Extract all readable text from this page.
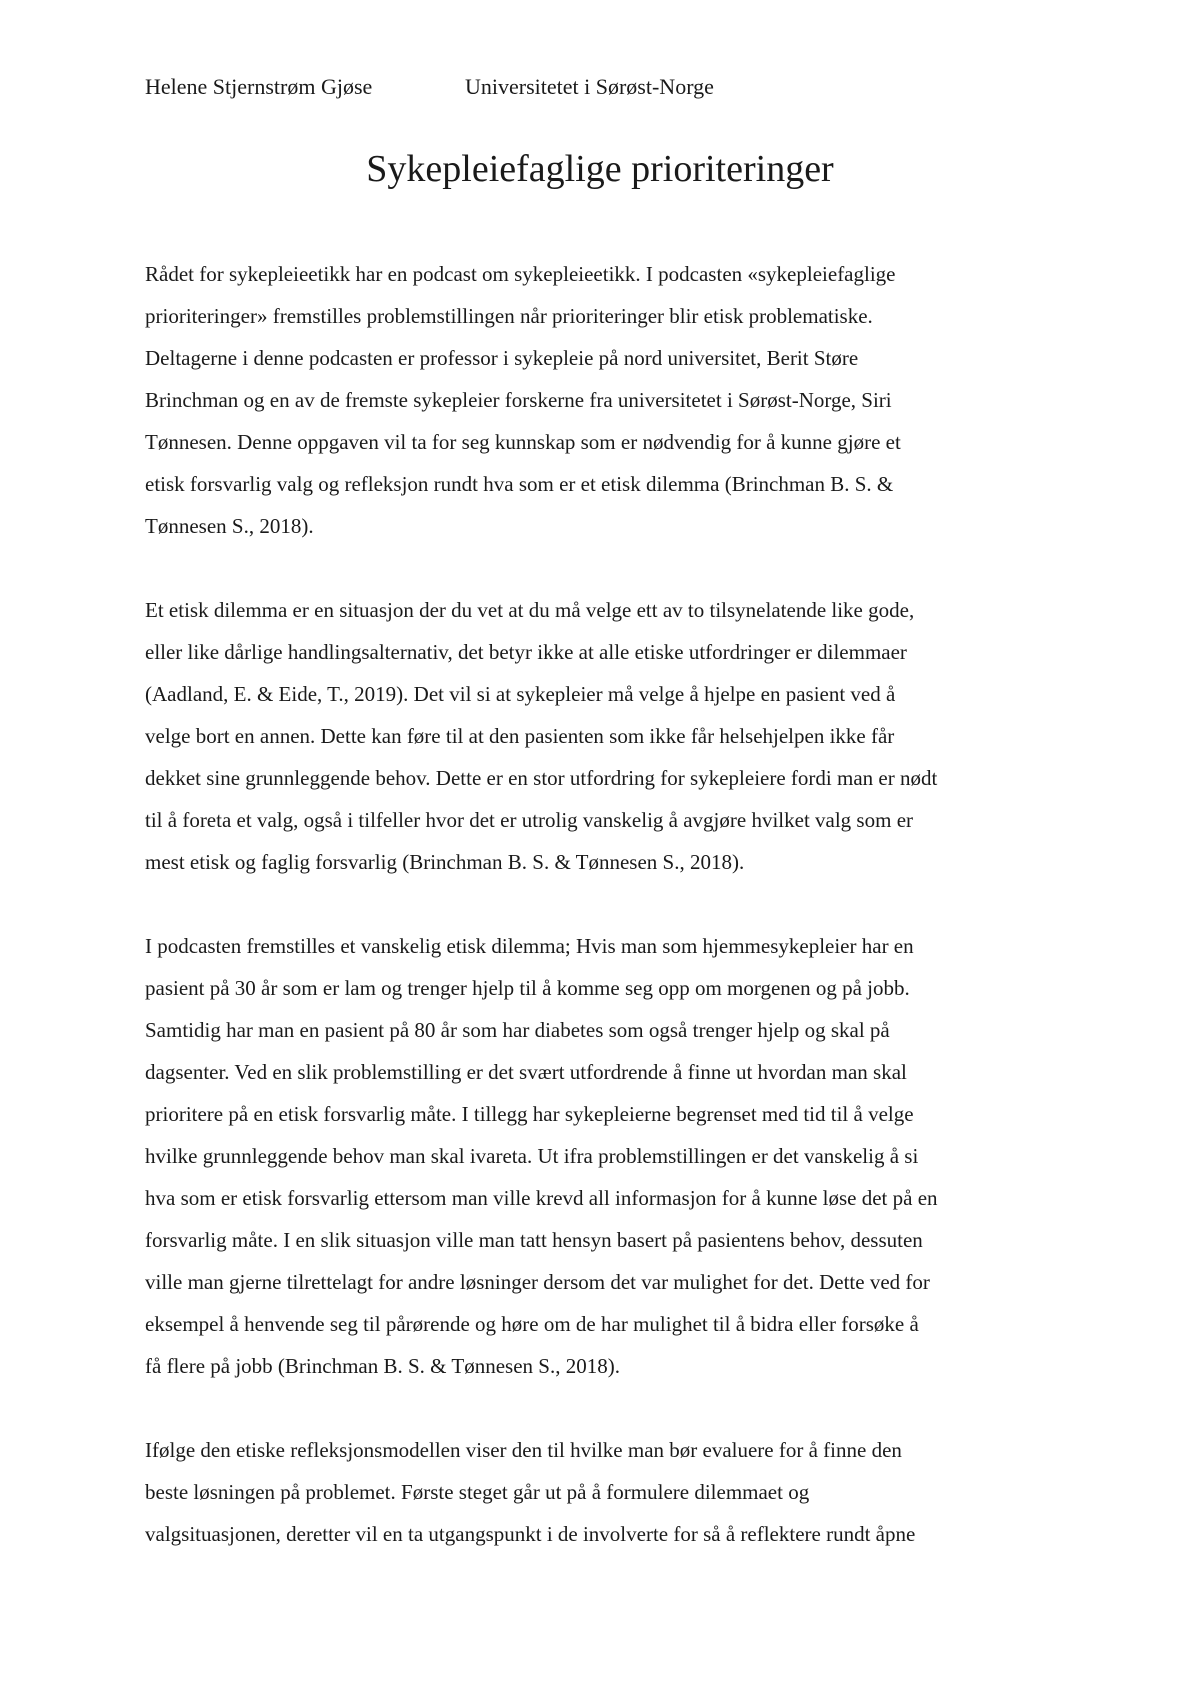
Helene Stjernstrøm Gjøse	Universitetet i Sørøst-Norge
Sykepleiefaglige prioriteringer
Rådet for sykepleieetikk har en podcast om sykepleieetikk. I podcasten «sykepleiefaglige
prioriteringer» fremstilles problemstillingen når prioriteringer blir etisk problematiske.
Deltagerne i denne podcasten er professor i sykepleie på nord universitet, Berit Støre
Brinchman og en av de fremste sykepleier forskerne fra universitetet i Sørøst-Norge, Siri
Tønnesen. Denne oppgaven vil ta for seg kunnskap som er nødvendig for å kunne gjøre et
etisk forsvarlig valg og refleksjon rundt hva som er et etisk dilemma (Brinchman B. S. &
Tønnesen S., 2018).
Et etisk dilemma er en situasjon der du vet at du må velge ett av to tilsynelatende like gode,
eller like dårlige handlingsalternativ, det betyr ikke at alle etiske utfordringer er dilemmaer
(Aadland, E. & Eide, T., 2019). Det vil si at sykepleier må velge å hjelpe en pasient ved å
velge bort en annen. Dette kan føre til at den pasienten som ikke får helsehjelpen ikke får
dekket sine grunnleggende behov. Dette er en stor utfordring for sykepleiere fordi man er nødt
til å foreta et valg, også i tilfeller hvor det er utrolig vanskelig å avgjøre hvilket valg som er
mest etisk og faglig forsvarlig (Brinchman B. S. & Tønnesen S., 2018).
I podcasten fremstilles et vanskelig etisk dilemma; Hvis man som hjemmesykepleier har en
pasient på 30 år som er lam og trenger hjelp til å komme seg opp om morgenen og på jobb.
Samtidig har man en pasient på 80 år som har diabetes som også trenger hjelp og skal på
dagsenter. Ved en slik problemstilling er det svært utfordrende å finne ut hvordan man skal
prioritere på en etisk forsvarlig måte. I tillegg har sykepleierne begrenset med tid til å velge
hvilke grunnleggende behov man skal ivareta. Ut ifra problemstillingen er det vanskelig å si
hva som er etisk forsvarlig ettersom man ville krevd all informasjon for å kunne løse det på en
forsvarlig måte. I en slik situasjon ville man tatt hensyn basert på pasientens behov, dessuten
ville man gjerne tilrettelagt for andre løsninger dersom det var mulighet for det. Dette ved for
eksempel å henvende seg til pårørende og høre om de har mulighet til å bidra eller forsøke å
få flere på jobb (Brinchman B. S. & Tønnesen S., 2018).
Ifølge den etiske refleksjonsmodellen viser den til hvilke man bør evaluere for å finne den
beste løsningen på problemet. Første steget går ut på å formulere dilemmaet og
valgsituasjonen, deretter vil en ta utgangspunkt i de involverte for så å reflektere rundt åpne
